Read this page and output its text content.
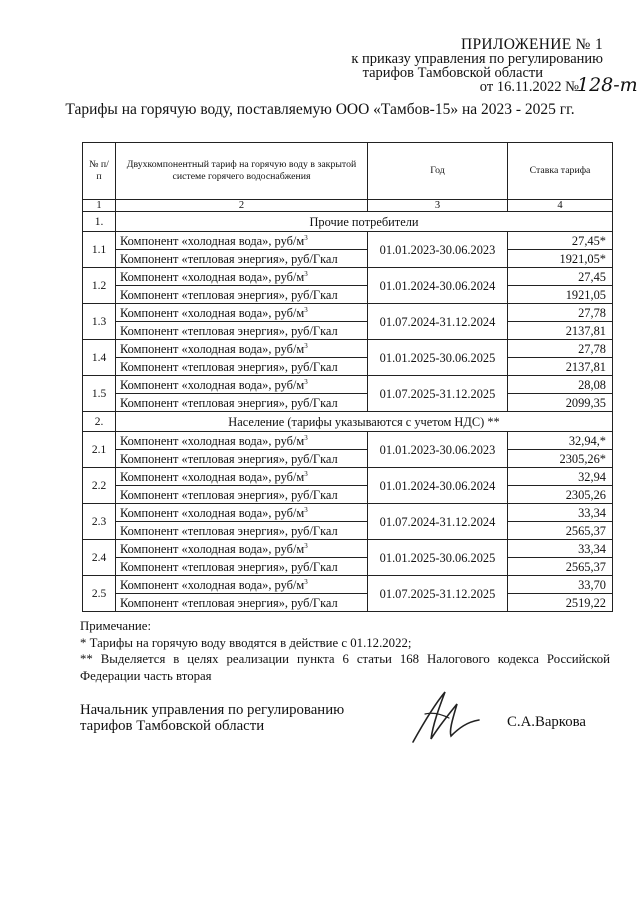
ПРИЛОЖЕНИЕ № 1
к приказу управления по регулированию
тарифов Тамбовской области
от 16.11.2022 №
128-т
Тарифы на горячую воду, поставляемую ООО «Тамбов-15» на 2023 - 2025 гг.
№ п/п	Двухкомпонентный тариф на горячую воду в закрытой системе горячего водоснабжения	Год	Ставка тарифа
1	2	3	4
1.	Прочие потребители		
1.1	Компонент «холодная вода», руб/$м^3$	01.01.2023-30.06.2023	27,45*
	Компонент «тепловая энергия», руб/Гкал		1921,05*
1.2	Компонент «холодная вода», руб/$м^3$	01.01.2024-30.06.2024	27,45
	Компонент «тепловая энергия», руб/Гкал		1921,05
1.3	Компонент «холодная вода», руб/$м^3$	01.07.2024-31.12.2024	27,78
	Компонент «тепловая энергия», руб/Гкал		2137,81
1.4	Компонент «холодная вода», руб/$м^3$	01.01.2025-30.06.2025	27,78
	Компонент «тепловая энергия», руб/Гкал		2137,81
1.5	Компонент «холодная вода», руб/$м^3$	01.07.2025-31.12.2025	28,08
	Компонент «тепловая энергия», руб/Гкал		2099,35
2.	Население (тарифы указываются с учетом НДС) **		
2.1	Компонент «холодная вода», руб/$м^3$	01.01.2023-30.06.2023	32,94,*
	Компонент «тепловая энергия», руб/Гкал		2305,26*
2.2	Компонент «холодная вода», руб/$м^3$	01.01.2024-30.06.2024	32,94
	Компонент «тепловая энергия», руб/Гкал		2305,26
2.3	Компонент «холодная вода», руб/$м^3$	01.07.2024-31.12.2024	33,34
	Компонент «тепловая энергия», руб/Гкал		2565,37
2.4	Компонент «холодная вода», руб/$м^3$	01.01.2025-30.06.2025	33,34
	Компонент «тепловая энергия», руб/Гкал		2565,37
2.5	Компонент «холодная вода», руб/$м^3$	01.07.2025-31.12.2025	33,70
	Компонент «тепловая энергия», руб/Гкал		2519,22
Примечание:
* Тарифы на горячую воду вводятся в действие с 01.12.2022;
** Выделяется в целях реализации пункта 6 статьи 168 Налогового кодекса Российской
Федерации часть вторая
Начальник управления по регулированию
тарифов Тамбовской области	С.А.Варкова
